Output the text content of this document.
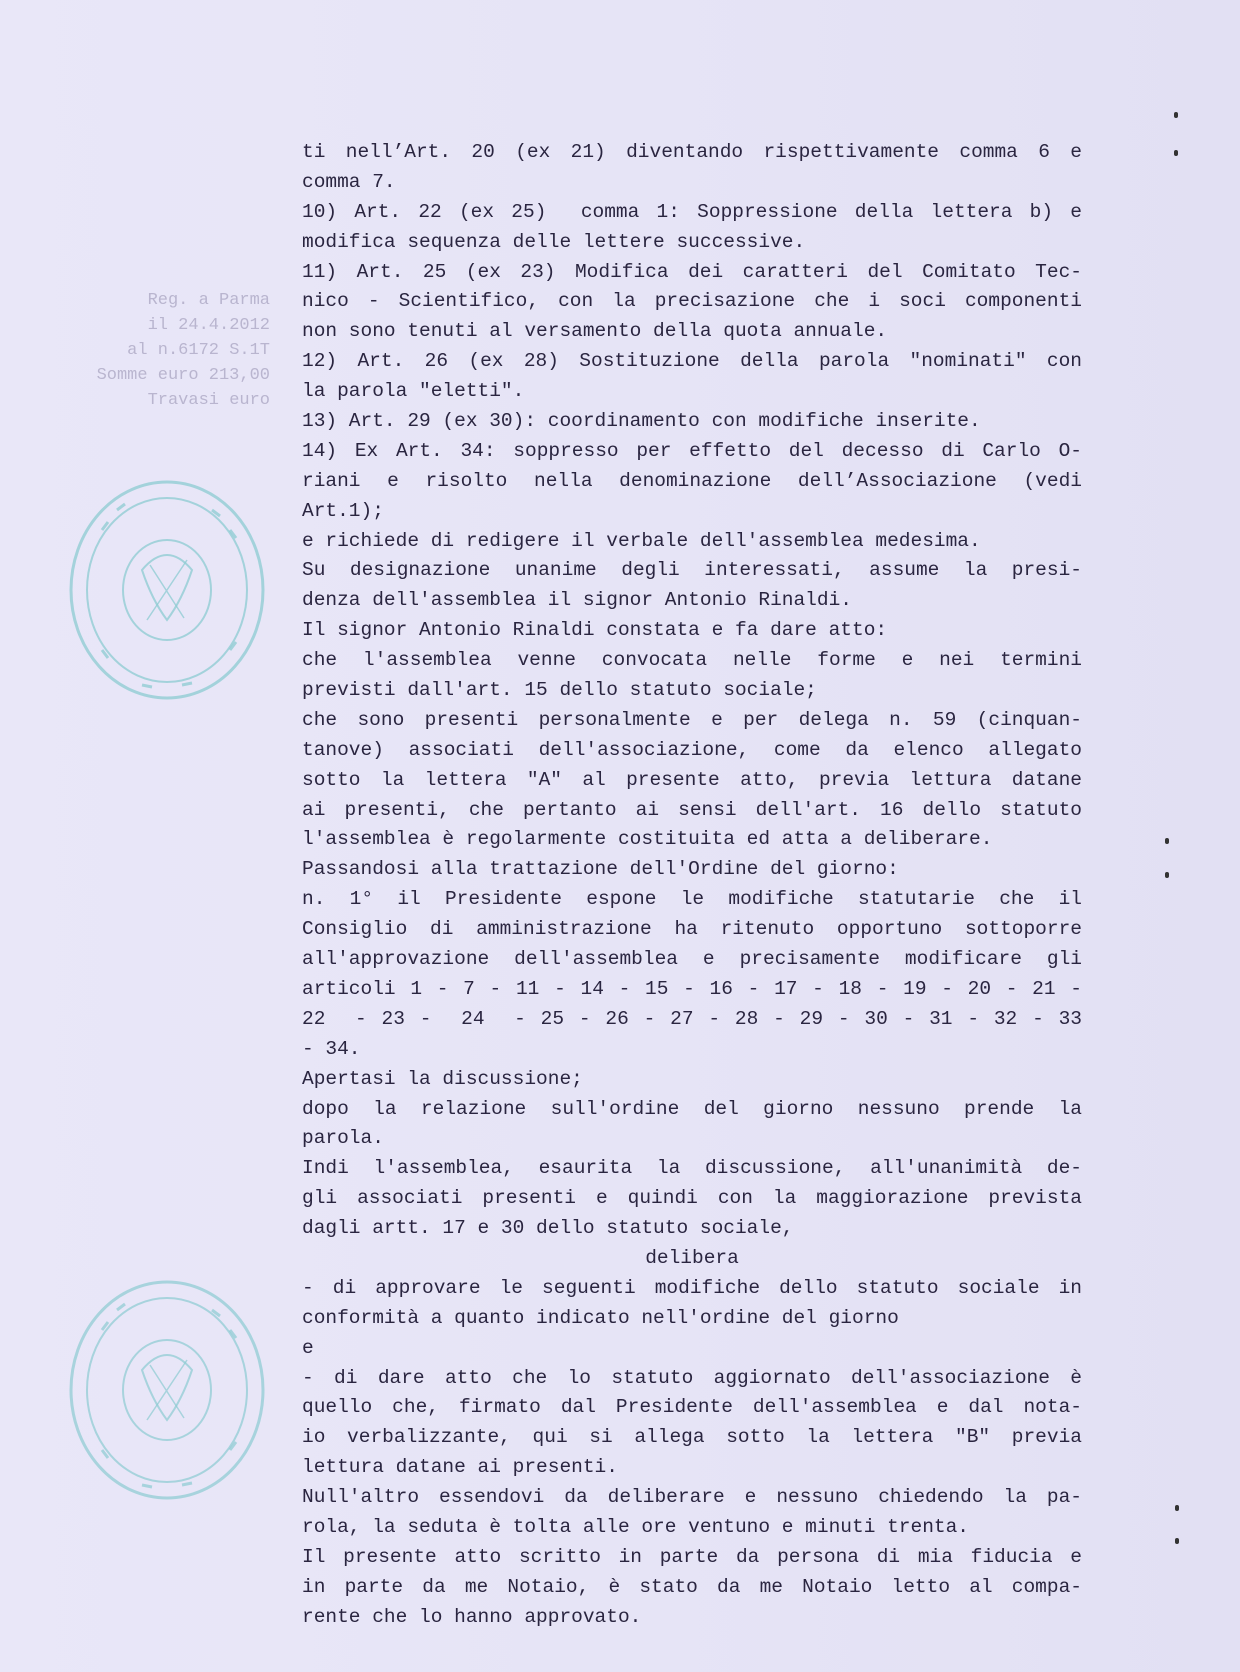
Reg. a Parma
il 24.4.2012
al n.6172 S.1T
Somme euro 213,00
Travasi euro
ti nell’Art. 20 (ex 21) diventando rispettivamente comma 6 e
comma 7.
10) Art. 22 (ex 25)  comma 1: Soppressione della lettera b) e
modifica sequenza delle lettere successive.
11) Art. 25 (ex 23) Modifica dei caratteri del Comitato Tec-
nico - Scientifico, con la precisazione che i soci componenti
non sono tenuti al versamento della quota annuale.
12) Art. 26 (ex 28) Sostituzione della parola "nominati" con
la parola "eletti".
13) Art. 29 (ex 30): coordinamento con modifiche inserite.
14) Ex Art. 34: soppresso per effetto del decesso di Carlo O-
riani e risolto nella denominazione dell’Associazione (vedi
Art.1);
e richiede di redigere il verbale dell'assemblea medesima.
Su designazione unanime degli interessati, assume la presi-
denza dell'assemblea il signor Antonio Rinaldi.
Il signor Antonio Rinaldi constata e fa dare atto:
che l'assemblea venne convocata nelle forme e nei termini
previsti dall'art. 15 dello statuto sociale;
che sono presenti personalmente e per delega n. 59 (cinquan-
tanove) associati dell'associazione, come da elenco allegato
sotto la lettera "A" al presente atto, previa lettura datane
ai presenti, che pertanto ai sensi dell'art. 16 dello statuto
l'assemblea è regolarmente costituita ed atta a deliberare.
Passandosi alla trattazione dell'Ordine del giorno:
n. 1° il Presidente espone le modifiche statutarie che il
Consiglio di amministrazione ha ritenuto opportuno sottoporre
all'approvazione dell'assemblea e precisamente modificare gli
articoli 1 - 7 - 11 - 14 - 15 - 16 - 17 - 18 - 19 - 20 - 21 -
22  - 23 -  24  - 25 - 26 - 27 - 28 - 29 - 30 - 31 - 32 - 33
- 34.
Apertasi la discussione;
dopo la relazione sull'ordine del giorno nessuno prende la
parola.
Indi l'assemblea, esaurita la discussione, all'unanimità de-
gli associati presenti e quindi con la maggiorazione prevista
dagli artt. 17 e 30 dello statuto sociale,
delibera
- di approvare le seguenti modifiche dello statuto sociale in
conformità a quanto indicato nell'ordine del giorno
e
- di dare atto che lo statuto aggiornato dell'associazione è
quello che, firmato dal Presidente dell'assemblea e dal nota-
io verbalizzante, qui si allega sotto la lettera "B" previa
lettura datane ai presenti.
Null'altro essendovi da deliberare e nessuno chiedendo la pa-
rola, la seduta è tolta alle ore ventuno e minuti trenta.
Il presente atto scritto in parte da persona di mia fiducia e
in parte da me Notaio, è stato da me Notaio letto al compa-
rente che lo hanno approvato.
